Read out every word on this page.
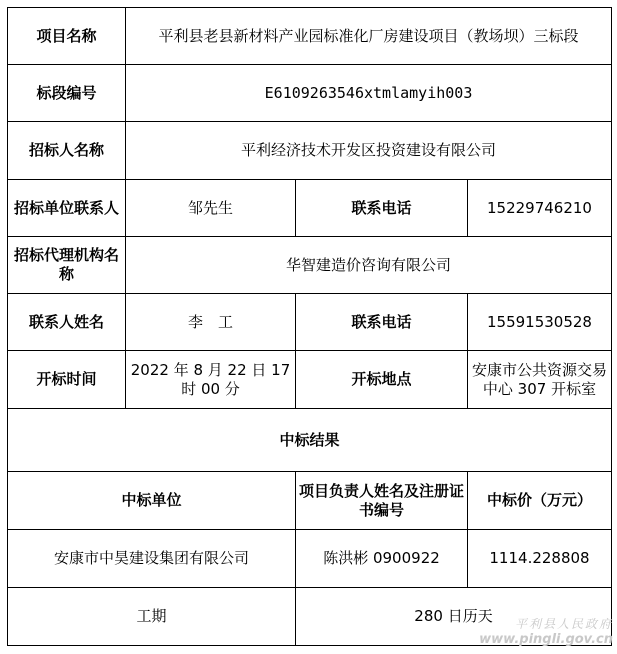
项目名称	平利县老县新材料产业园标准化厂房建设项目（教场坝）三标段		
标段编号	E6109263546xtmlamyih003		
招标人名称	平利经济技术开发区投资建设有限公司		
招标单位联系人	邹先生	联系电话	15229746210
招标代理机构名称	华智建造价咨询有限公司		
联系人姓名	李　工	联系电话	15591530528
开标时间	2022 年 8 月 22 日 17 时 00 分	开标地点	安康市公共资源交易中心 307 开标室
中标结果			
中标单位		项目负责人姓名及注册证书编号	中标价（万元）
安康市中昊建设集团有限公司		陈洪彬 0900922	1114.228808
工期		280 日历天		平利县人民政府
www.pingli.gov.cn
